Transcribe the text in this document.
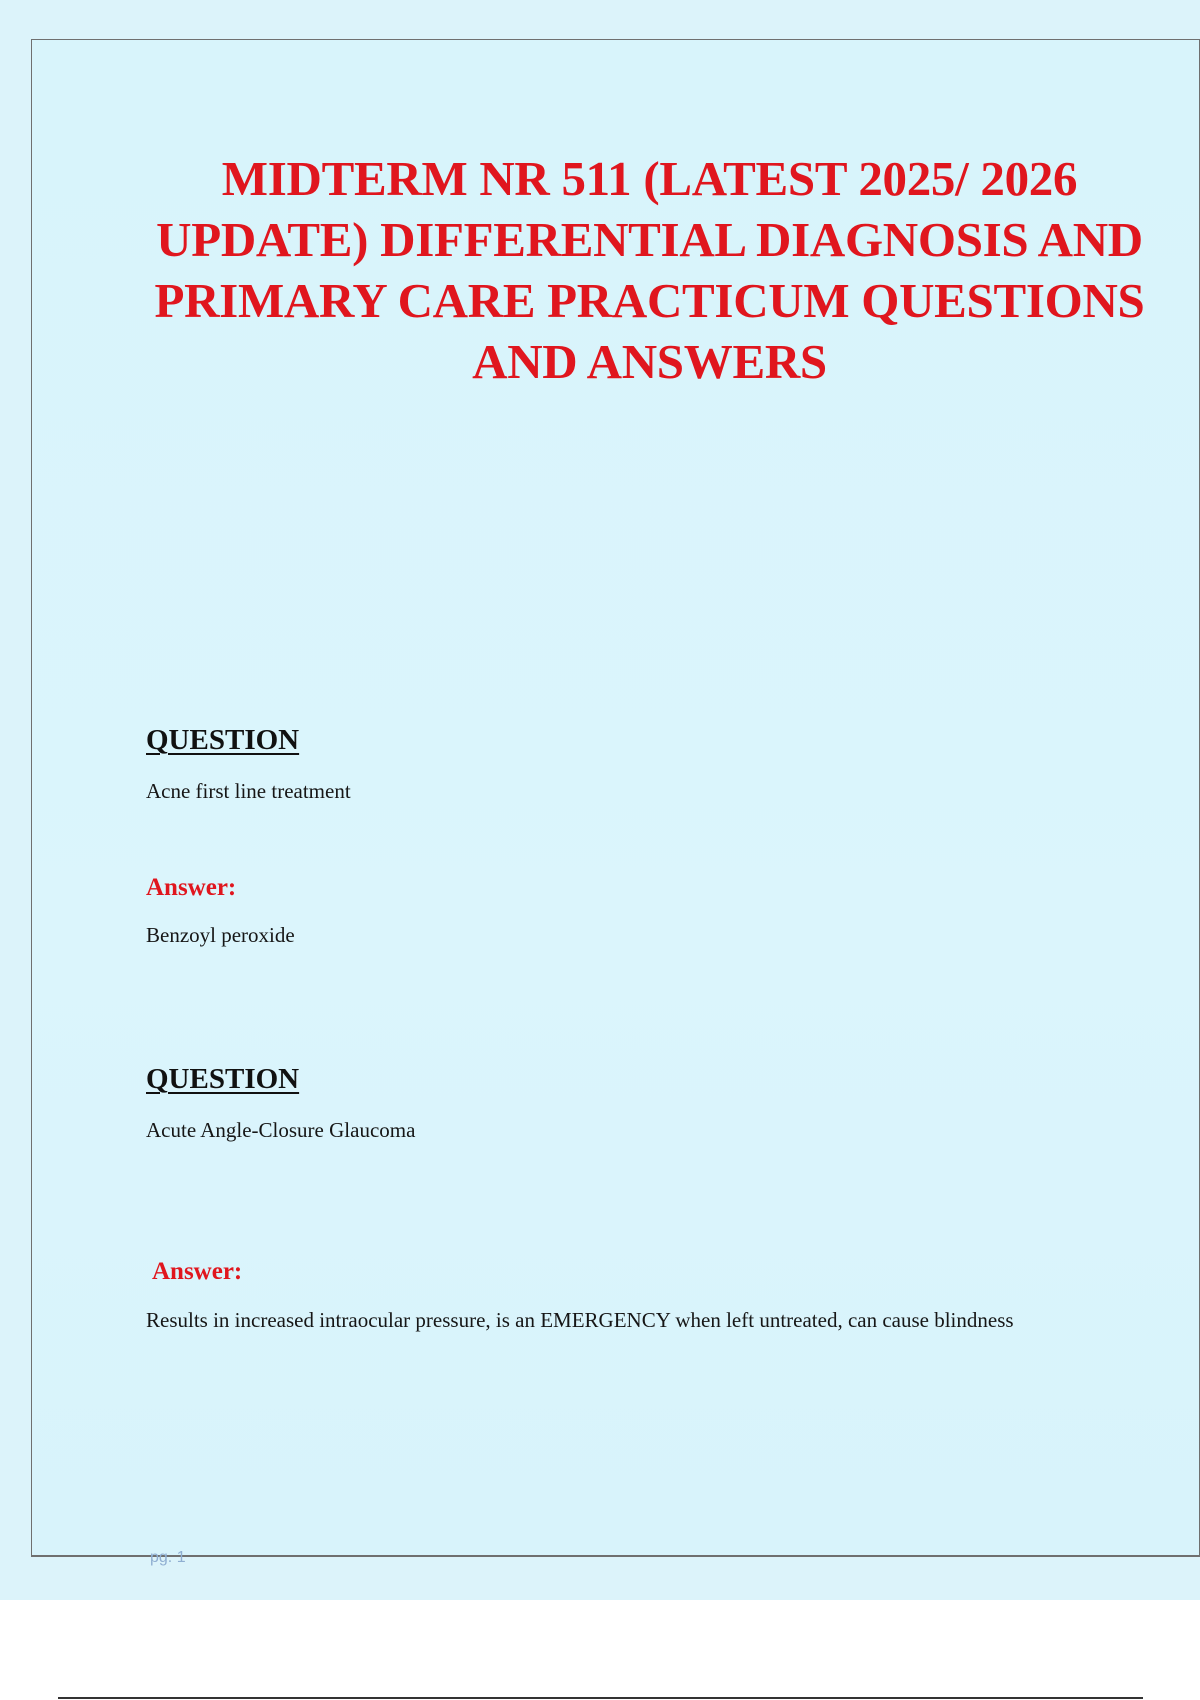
MIDTERM NR 511 (LATEST 2025/ 2026 UPDATE) DIFFERENTIAL DIAGNOSIS AND PRIMARY CARE PRACTICUM QUESTIONS AND ANSWERS

QUESTION

Acne first line treatment

Answer:

Benzoyl peroxide

QUESTION

Acute Angle-Closure Glaucoma

Answer:

Results in increased intraocular pressure, is an EMERGENCY when left untreated, can cause blindness

pg. 1
